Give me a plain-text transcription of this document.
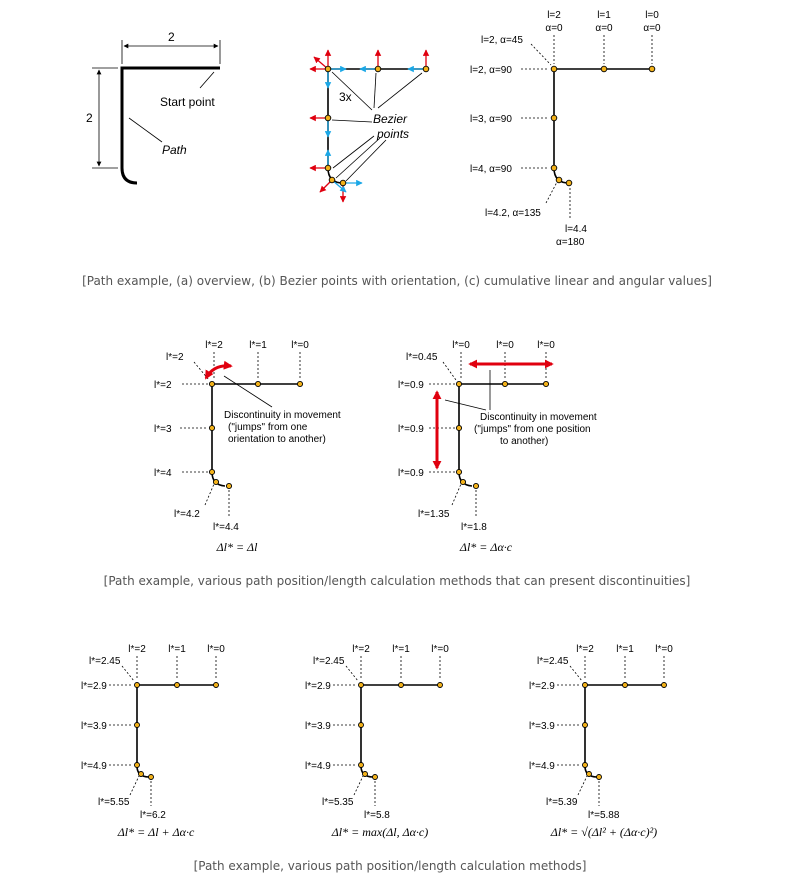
2
2
Start point
Path
3x
Bezier
points
l=2
α=0
l=1
α=0
l=0
α=0
l=2, α=45
l=2, α=90
l=3, α=90
l=4, α=90
l=4.2, α=135
l=4.4
α=180
[Path example, (a) overview, (b) Bezier points with orientation, (c) cumulative linear and angular values]
l*=2	l*=1 l*=0
l*=2
l*=2
l*=3
l*=4
l*=4.2
l*=4.4
Discontinuity in movement
("jumps" from one
orientation to another)
Δl* = Δl
l*=0	l*=0 l*=0
l*=0.45
l*=0.9
l*=0.9
l*=0.9
l*=1.35
l*=1.8
Discontinuity in movement
("jumps" from one position
to another)
Δl* = Δα·c
[Path example, various path position/length calculation methods that can present discontinuities]
l*=2 l*=1 l*=0
l*=2.45
l*=2.9
l*=3.9
l*=4.9
l*=5.55
l*=6.2
Δl* = Δl + Δα·c
l*=2 l*=1 l*=0
l*=2.45
l*=2.9
l*=3.9
l*=4.9
l*=5.35
l*=5.8
Δl* = max(Δl, Δα·c)
l*=2 l*=1 l*=0
l*=2.45
l*=2.9
l*=3.9
l*=4.9
l*=5.39
l*=5.88
Δl* = √(Δl² + (Δα·c)²)
[Path example, various path position/length calculation methods]
